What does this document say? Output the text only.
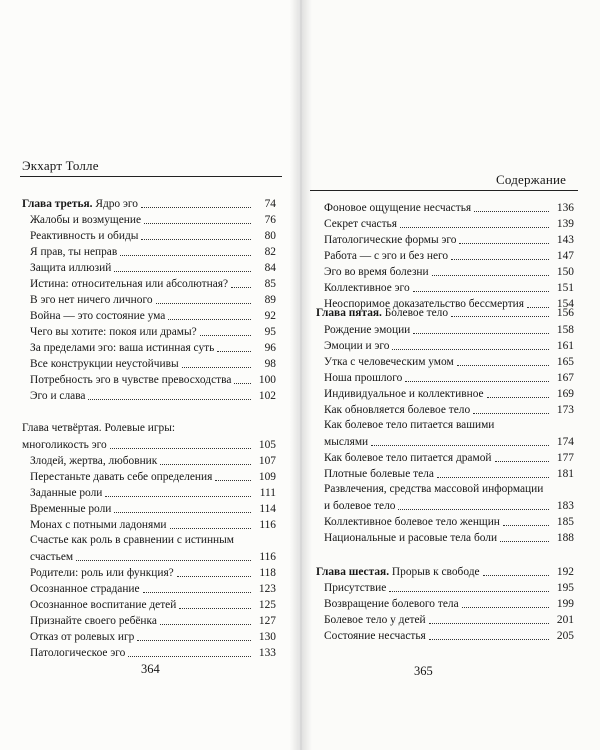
Экхарт Толле
Глава третья. Ядро эго	74
Жалобы и возмущение	76
Реактивность и обиды	80
Я прав, ты неправ	82
Защита иллюзий	84
Истина: относительная или абсолютная?	85
В эго нет ничего личного	89
Война — это состояние ума	92
Чего вы хотите: покоя или драмы?	95
За пределами эго: ваша истинная суть	96
Все конструкции неустойчивы	98
Потребность эго в чувстве превосходства	100
Эго и слава	102
Глава четвёртая. Ролевые игры:
многоликость эго	105
Злодей, жертва, любовник	107
Перестаньте давать себе определения	109
Заданные роли	111
Временные роли	114
Монах с потными ладонями	116
Счастье как роль в сравнении с истинным
счастьем	116
Родители: роль или функция?	118
Осознанное страдание	123
Осознанное воспитание детей	125
Признайте своего ребёнка	127
Отказ от ролевых игр	130
Патологическое эго	133
364
Содержание
Фоновое ощущение несчастья	136
Секрет счастья	139
Патологические формы эго	143
Работа — с эго и без него	147
Эго во время болезни	150
Коллективное эго	151
Неоспоримое доказательство бессмертия	154
Глава пятая. Болевое тело	156
Рождение эмоции	158
Эмоции и эго	161
Утка с человеческим умом	165
Ноша прошлого	167
Индивидуальное и коллективное	169
Как обновляется болевое тело	173
Как болевое тело питается вашими
мыслями	174
Как болевое тело питается драмой	177
Плотные болевые тела	181
Развлечения, средства массовой информации
и болевое тело	183
Коллективное болевое тело женщин	185
Национальные и расовые тела боли	188
Глава шестая. Прорыв к свободе	192
Присутствие	195
Возвращение болевого тела	199
Болевое тело у детей	201
Состояние несчастья	205
365
